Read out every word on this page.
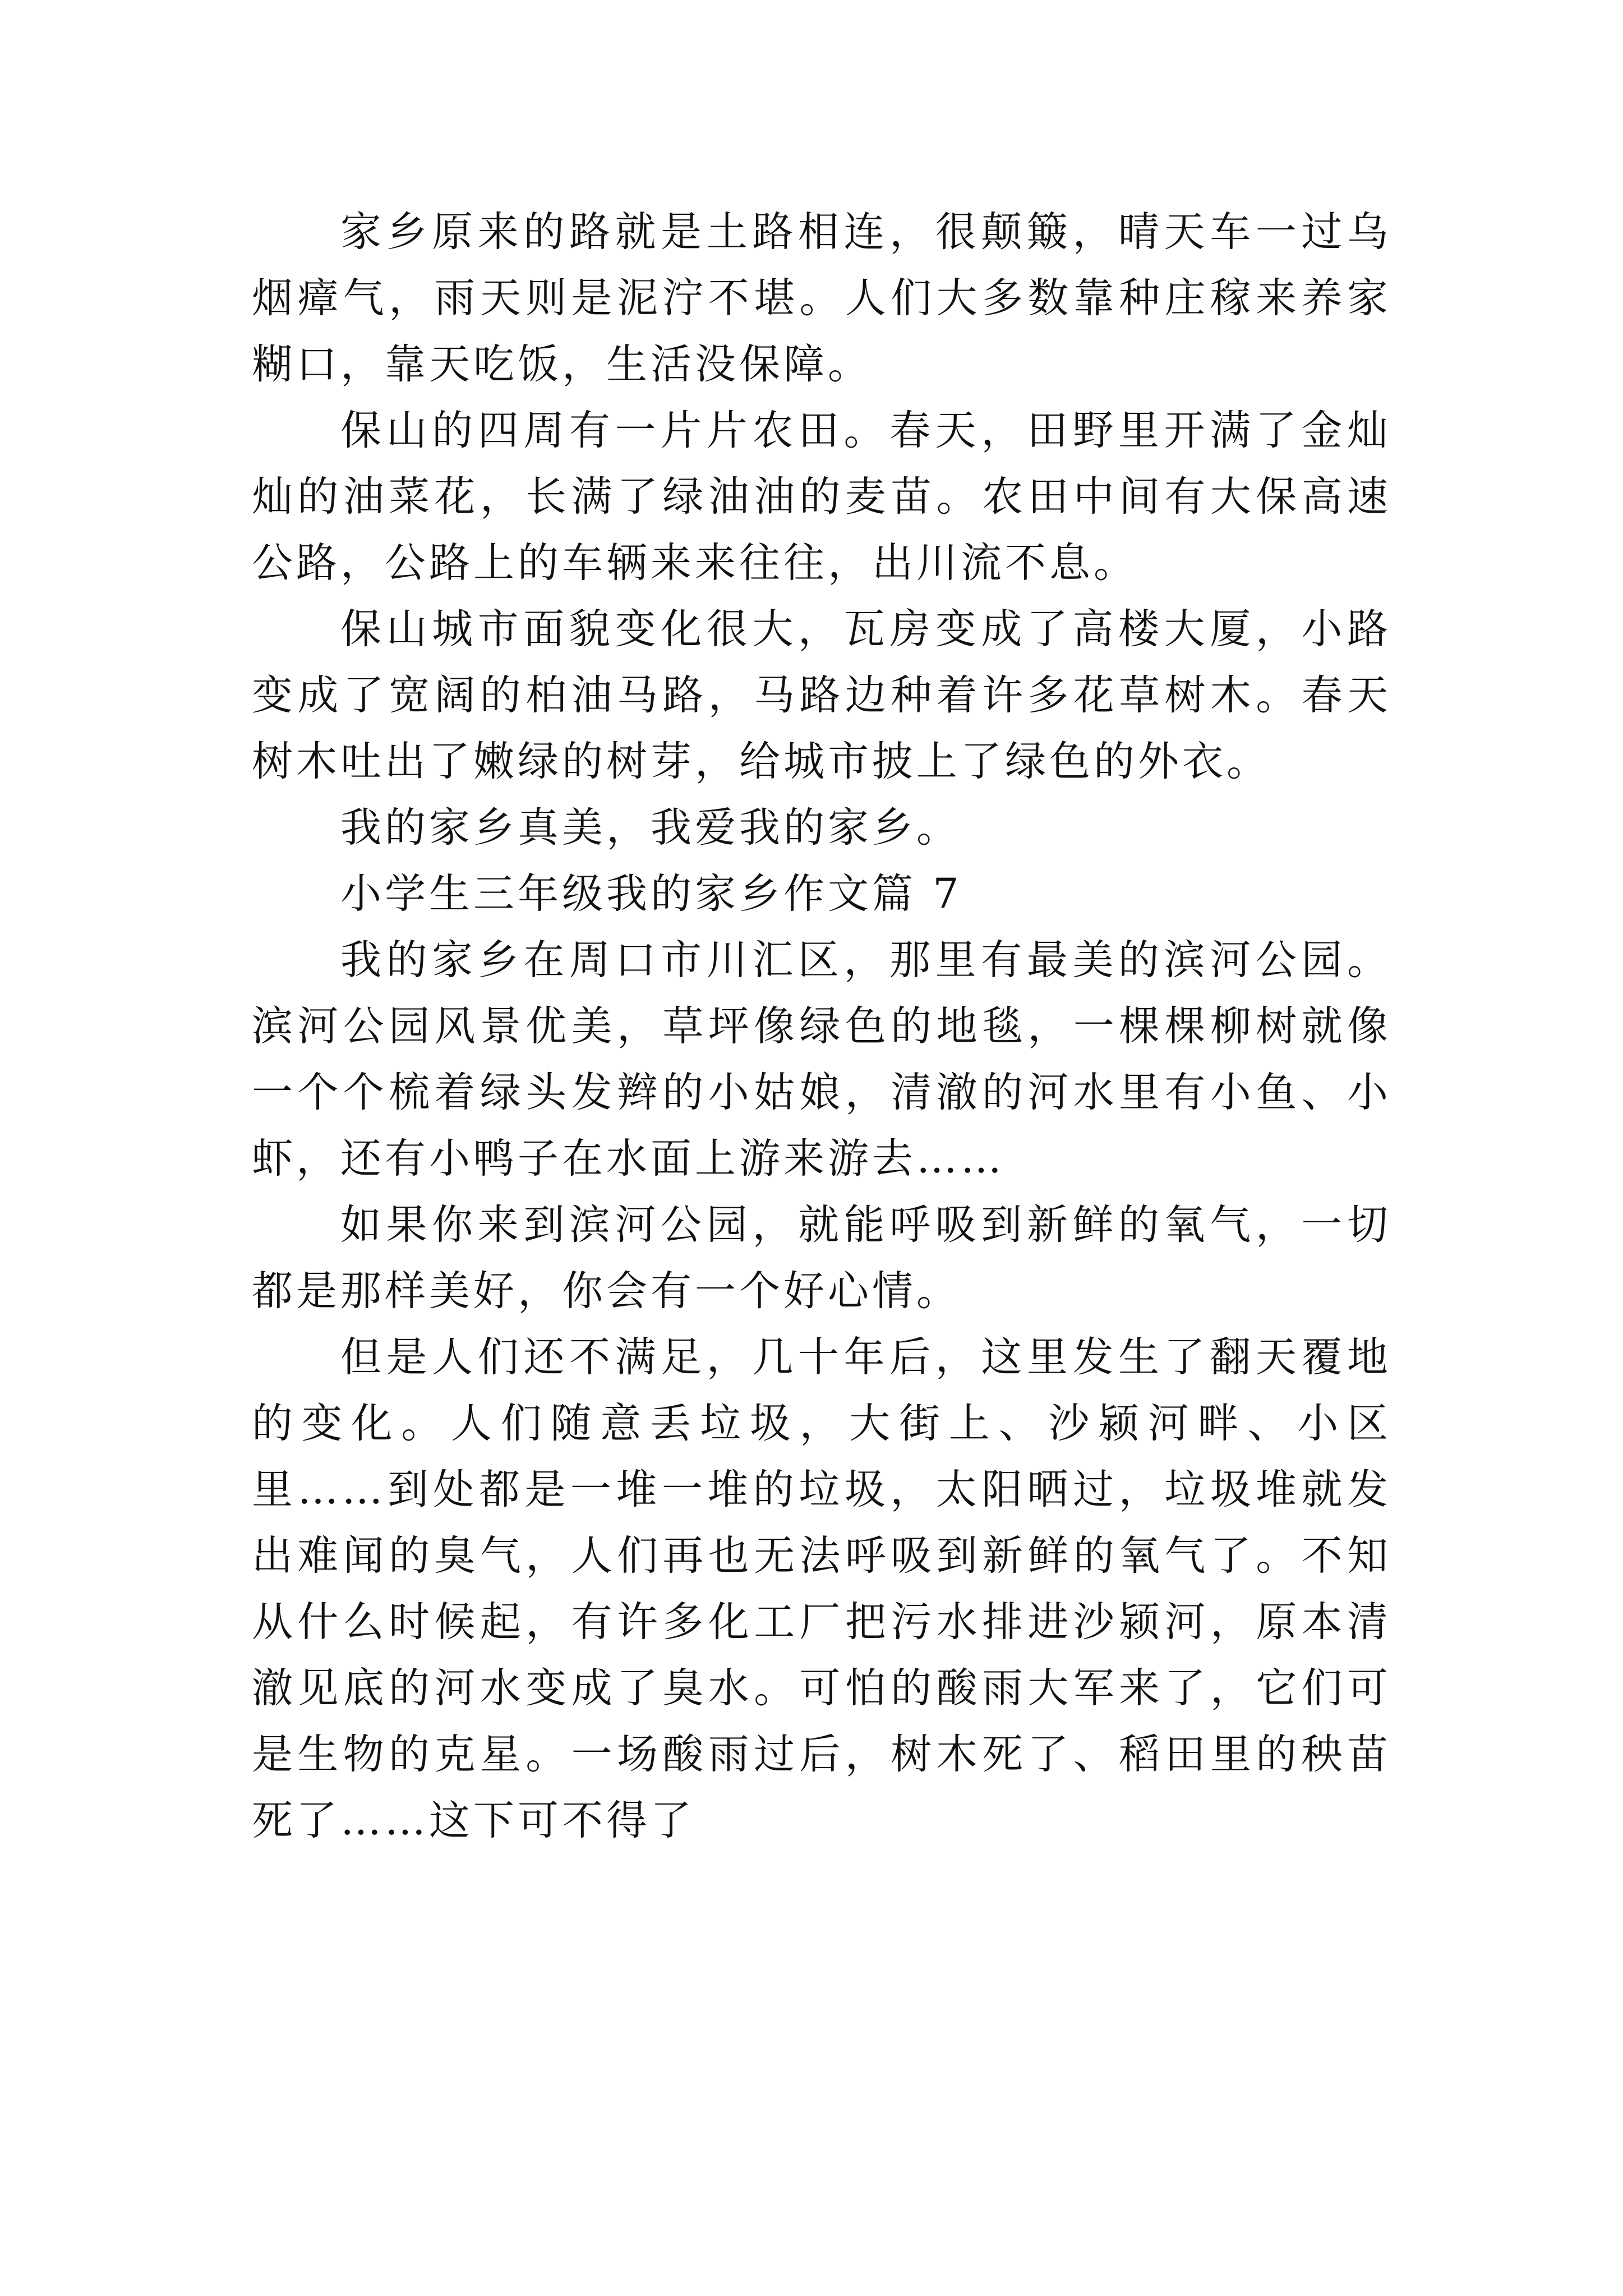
家乡原来的路就是土路相连，很颠簸，晴天车一过乌烟瘴气，雨天则是泥泞不堪。人们大多数靠种庄稼来养家糊口，靠天吃饭，生活没保障。

保山的四周有一片片农田。春天，田野里开满了金灿灿的油菜花，长满了绿油油的麦苗。农田中间有大保高速公路，公路上的车辆来来往往，出川流不息。

保山城市面貌变化很大，瓦房变成了高楼大厦，小路变成了宽阔的柏油马路，马路边种着许多花草树木。春天树木吐出了嫩绿的树芽，给城市披上了绿色的外衣。

我的家乡真美，我爱我的家乡。

小学生三年级我的家乡作文篇 7

我的家乡在周口市川汇区，那里有最美的滨河公园。滨河公园风景优美，草坪像绿色的地毯，一棵棵柳树就像一个个梳着绿头发辫的小姑娘，清澈的河水里有小鱼、小虾，还有小鸭子在水面上游来游去……

如果你来到滨河公园，就能呼吸到新鲜的氧气，一切都是那样美好，你会有一个好心情。

但是人们还不满足，几十年后，这里发生了翻天覆地的变化。人们随意丢垃圾，大街上、沙颍河畔、小区里……到处都是一堆一堆的垃圾，太阳晒过，垃圾堆就发出难闻的臭气，人们再也无法呼吸到新鲜的氧气了。不知从什么时候起，有许多化工厂把污水排进沙颍河，原本清澈见底的河水变成了臭水。可怕的酸雨大军来了，它们可是生物的克星。一场酸雨过后，树木死了、稻田里的秧苗死了……这下可不得了
